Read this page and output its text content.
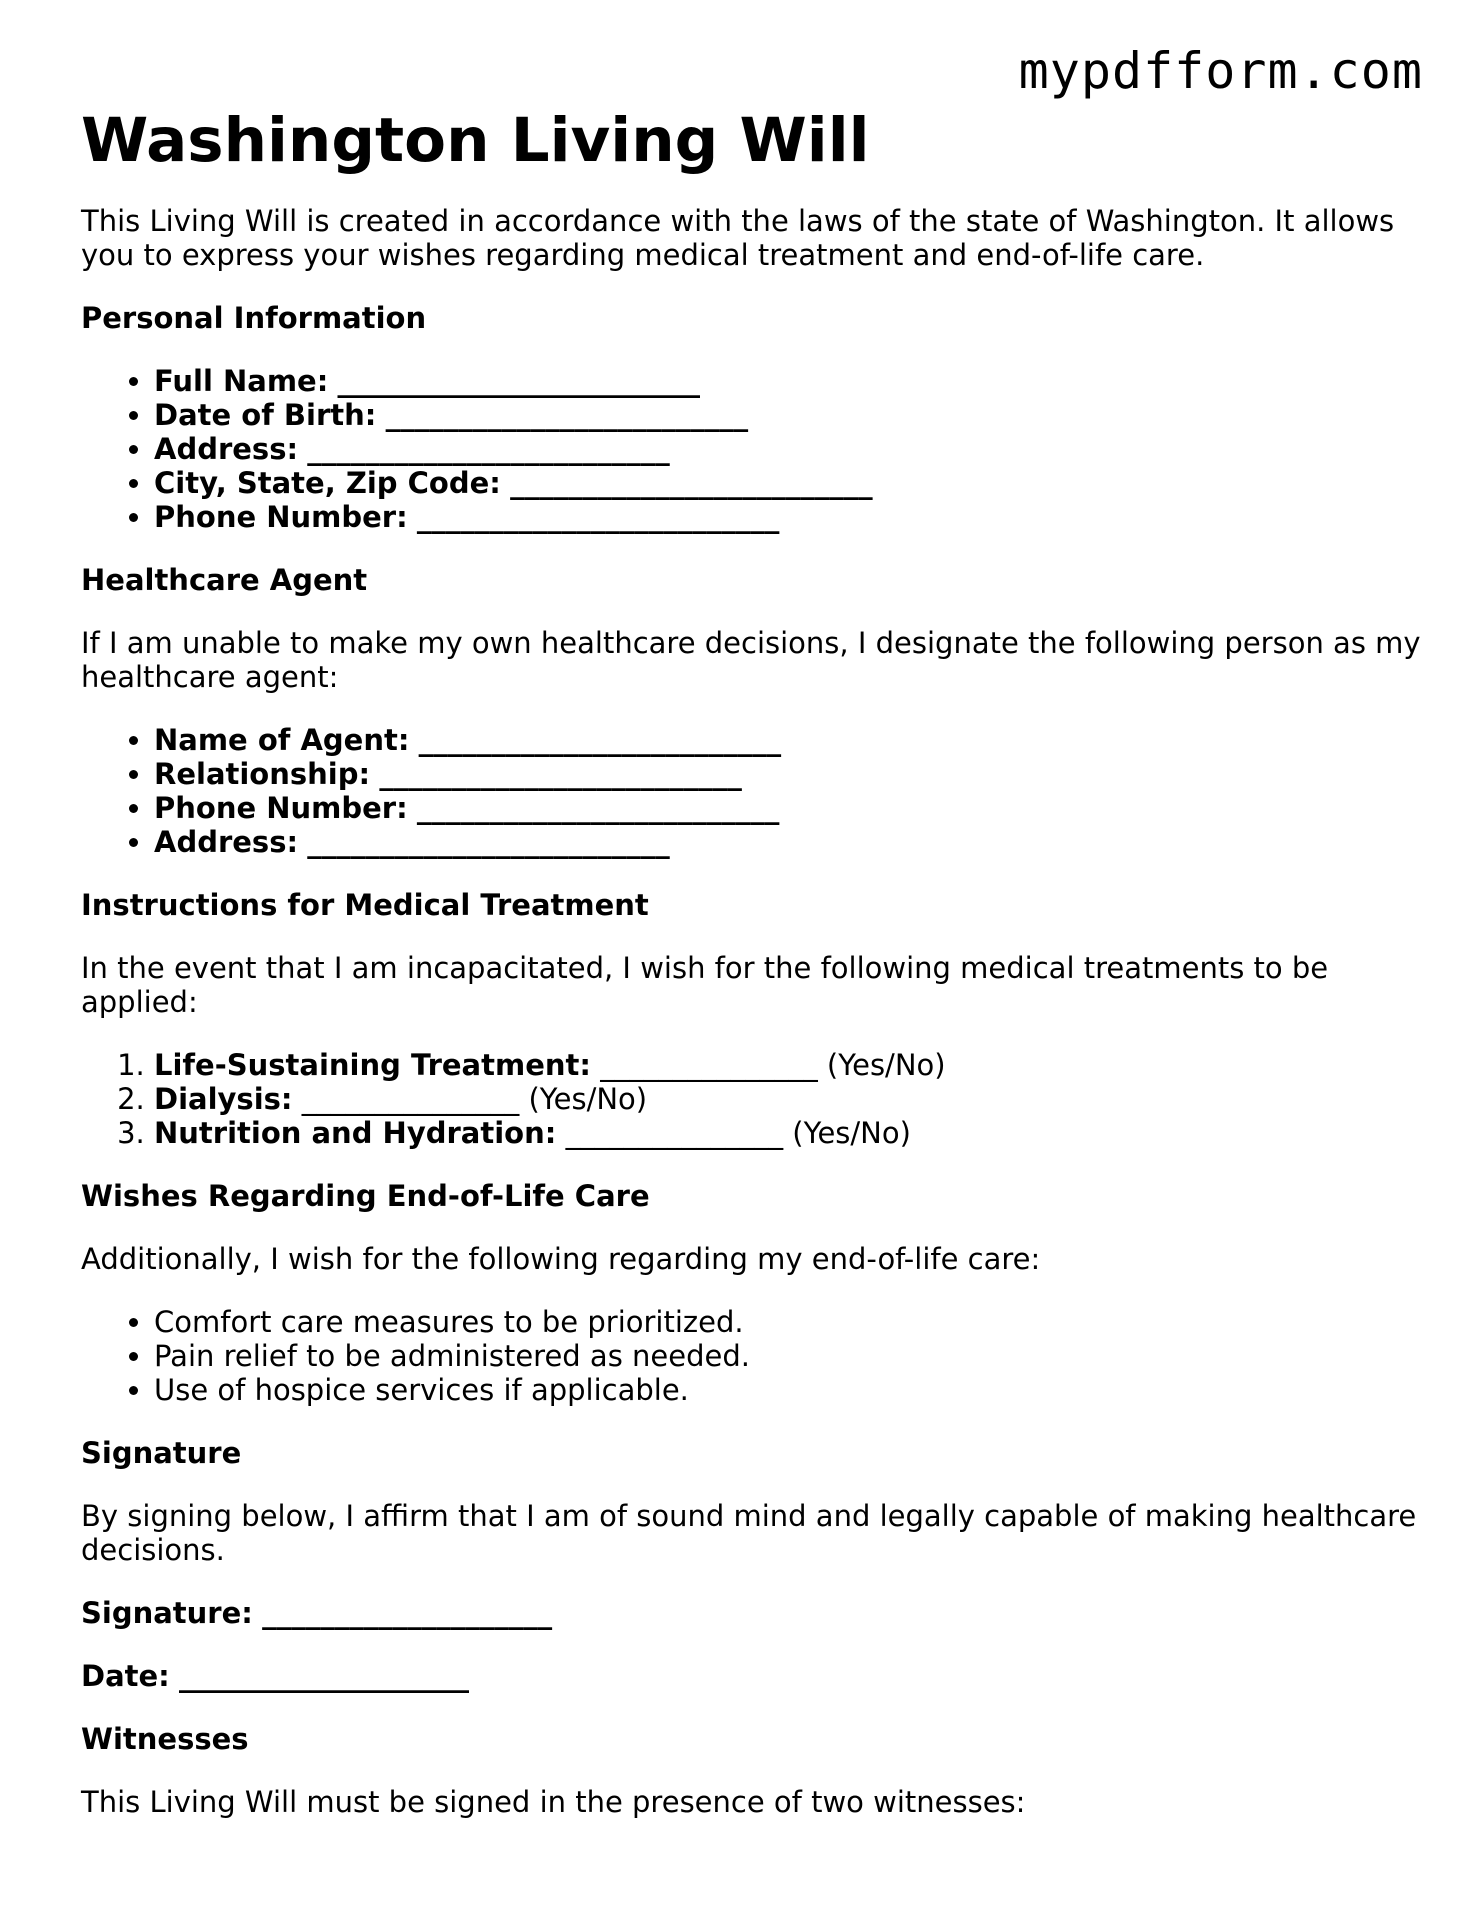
mypdfform.com
Washington Living Will

This Living Will is created in accordance with the laws of the state of Washington. It allows you to express your wishes regarding medical treatment and end-of-life care.

Personal Information
• Full Name: _________________________
• Date of Birth: _________________________
• Address: _________________________
• City, State, Zip Code: _________________________
• Phone Number: _________________________
Healthcare Agent

If I am unable to make my own healthcare decisions, I designate the following person as my healthcare agent:

• Name of Agent: _________________________
• Relationship: _________________________
• Phone Number: _________________________
• Address: _________________________
Instructions for Medical Treatment

In the event that I am incapacitated, I wish for the following medical treatments to be applied:

1. Life-Sustaining Treatment: _______________ (Yes/No)
2. Dialysis: _______________ (Yes/No)
3. Nutrition and Hydration: _______________ (Yes/No)
Wishes Regarding End-of-Life Care

Additionally, I wish for the following regarding my end-of-life care:

• Comfort care measures to be prioritized.
• Pain relief to be administered as needed.
• Use of hospice services if applicable.
Signature

By signing below, I affirm that I am of sound mind and legally capable of making healthcare decisions.

Signature: ____________________
Date: ____________________
Witnesses

This Living Will must be signed in the presence of two witnesses:
